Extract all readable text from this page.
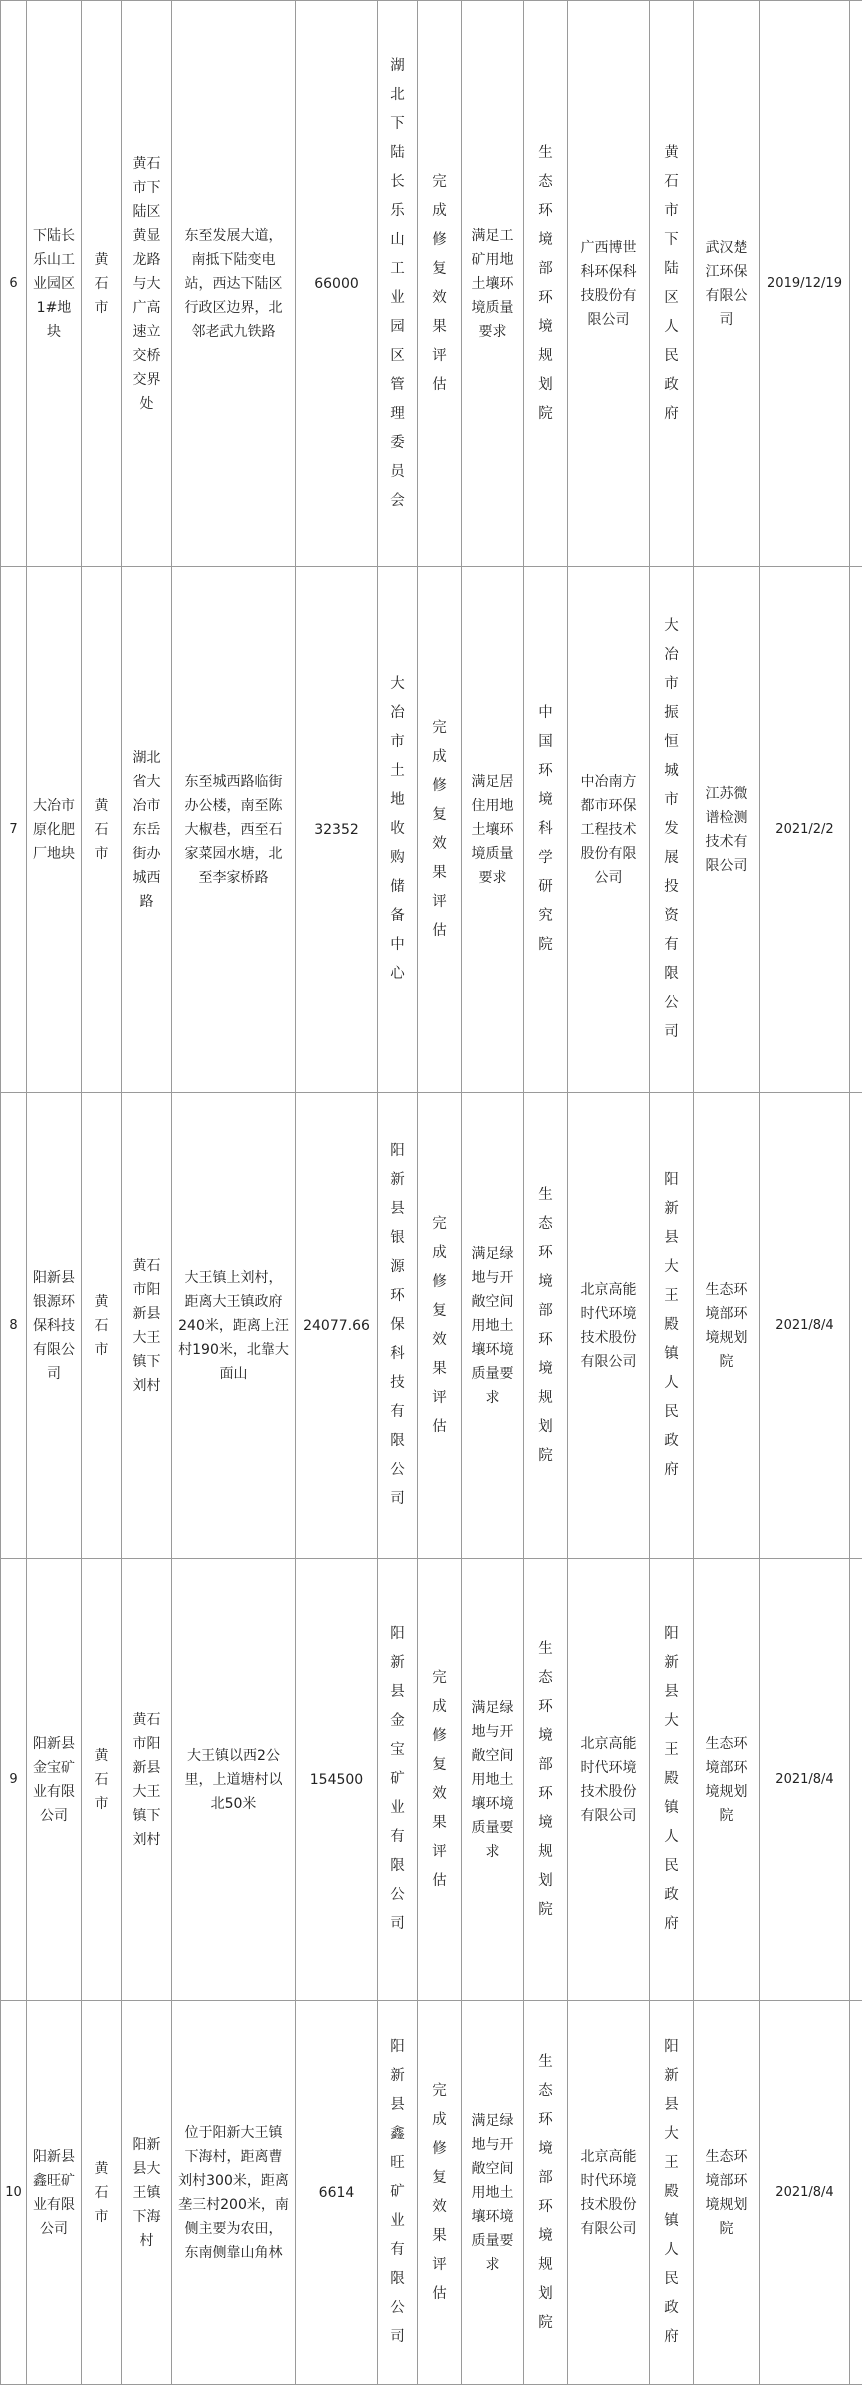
6	下陆长乐山工业园区1#地块	黄石市	黄石市下陆区黄显龙路与大广高速立交桥交界处	东至发展大道，南抵下陆变电站，西达下陆区行政区边界，北邻老武九铁路	66000	湖北下陆长乐山工业园区管理委员会	完成修复效果评估	满足工矿用地土壤环境质量要求	生态环境部环境规划院	广西博世科环保科技股份有限公司	黄石市下陆区人民政府	武汉楚江环保有限公司	2019/12/19	
7	大冶市原化肥厂地块	黄石市	湖北省大冶市东岳街办城西路	东至城西路临街办公楼，南至陈大椒巷，西至石家菜园水塘，北至李家桥路	32352	大冶市土地收购储备中心	完成修复效果评估	满足居住用地土壤环境质量要求	中国环境科学研究院	中冶南方都市环保工程技术股份有限公司	大冶市振恒城市发展投资有限公司	江苏微谱检测技术有限公司	2021/2/2	
8	阳新县银源环保科技有限公司	黄石市	黄石市阳新县大王镇下刘村	大王镇上刘村，距离大王镇政府240米，距离上汪村190米，北靠大面山	24077.66	阳新县银源环保科技有限公司	完成修复效果评估	满足绿地与开敞空间用地土壤环境质量要求	生态环境部环境规划院	北京高能时代环境技术股份有限公司	阳新县大王殿镇人民政府	生态环境部环境规划院	2021/8/4	
9	阳新县金宝矿业有限公司	黄石市	黄石市阳新县大王镇下刘村	大王镇以西2公里，上道塘村以北50米	154500	阳新县金宝矿业有限公司	完成修复效果评估	满足绿地与开敞空间用地土壤环境质量要求	生态环境部环境规划院	北京高能时代环境技术股份有限公司	阳新县大王殿镇人民政府	生态环境部环境规划院	2021/8/4	
10	阳新县鑫旺矿业有限公司	黄石市	阳新县大王镇下海村	位于阳新大王镇下海村，距离曹刘村300米，距离垄三村200米，南侧主要为农田，东南侧靠山角林	6614	阳新县鑫旺矿业有限公司	完成修复效果评估	满足绿地与开敞空间用地土壤环境质量要求	生态环境部环境规划院	北京高能时代环境技术股份有限公司	阳新县大王殿镇人民政府	生态环境部环境规划院	2021/8/4	
